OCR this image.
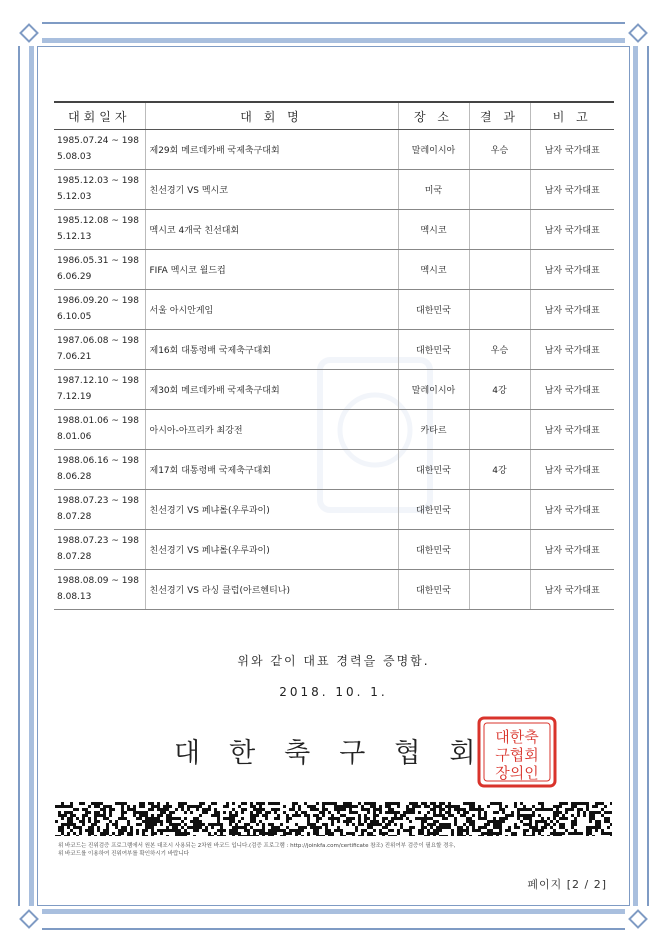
대회일자	대 회 명	장 소	결 과	비 고
1985.07.24 ~ 1985.08.03	제29회 메르데카배 국제축구대회	말레이시아	우승	남자 국가대표
1985.12.03 ~ 1985.12.03	친선경기 VS 멕시코	미국		남자 국가대표
1985.12.08 ~ 1985.12.13	멕시코 4개국 친선대회	멕시코		남자 국가대표
1986.05.31 ~ 1986.06.29	FIFA 멕시코 월드컵	멕시코		남자 국가대표
1986.09.20 ~ 1986.10.05	서울 아시안게임	대한민국		남자 국가대표
1987.06.08 ~ 1987.06.21	제16회 대통령배 국제축구대회	대한민국	우승	남자 국가대표
1987.12.10 ~ 1987.12.19	제30회 메르데카배 국제축구대회	말레이시아	4강	남자 국가대표
1988.01.06 ~ 1988.01.06	아시아-아프리카 최강전	카타르		남자 국가대표
1988.06.16 ~ 1988.06.28	제17회 대통령배 국제축구대회	대한민국	4강	남자 국가대표
1988.07.23 ~ 1988.07.28	친선경기 VS 페냐롤(우루과이)	대한민국		남자 국가대표
1988.07.23 ~ 1988.07.28	친선경기 VS 페냐롤(우루과이)	대한민국		남자 국가대표
1988.08.09 ~ 1988.08.13	친선경기 VS 라싱 클럽(아르헨티나)	대한민국		남자 국가대표
위와 같이 대표 경력을 증명함.
2018. 10. 1.
대한축구협회
대한축
구협회
장의인
위 바코드는 진위검증 프로그램에서 원본 대조시 사용되는 2차원 바코드 입니다.(검증 프로그램 : http://joinkfa.com/certificate 참조) 진위여부 검증이 필요할 경우,
위 바코드를 이용하여 진위여부를 확인하시기 바랍니다
페이지 [2 / 2]
